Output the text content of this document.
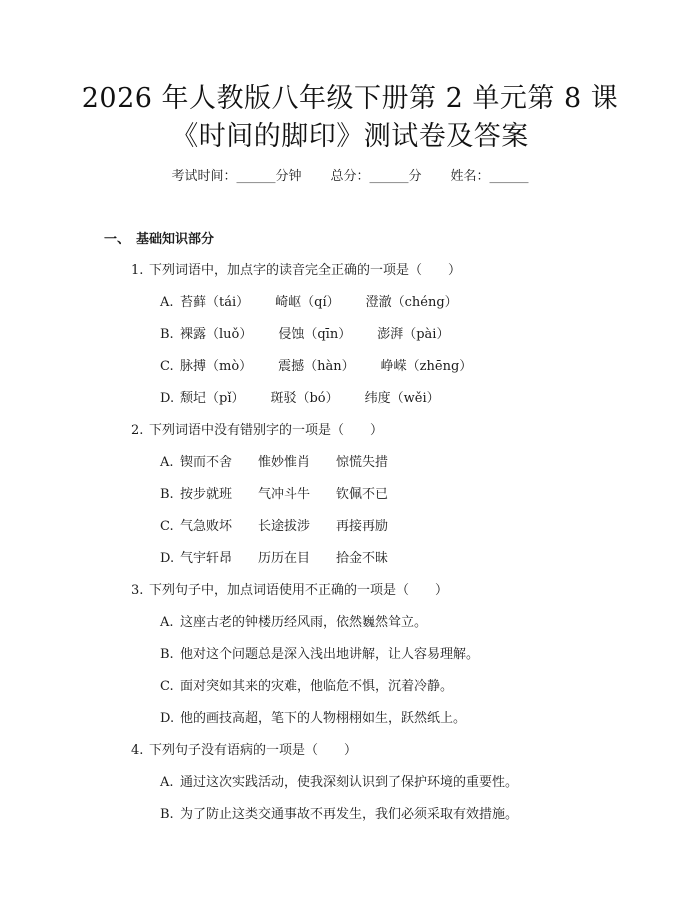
2026 年人教版八年级下册第 2 单元第 8 课
《时间的脚印》测试卷及答案
考试时间：______分钟 总分：______分 姓名：______
一、 基础知识部分
1. 下列词语中，加点字的读音完全正确的一项是（　　）
A. 苔藓（tái） 崎岖（qí） 澄澈（chéng）
B. 裸露（luǒ） 侵蚀（qīn） 澎湃（pài）
C. 脉搏（mò） 震撼（hàn） 峥嵘（zhēng）
D. 颓圮（pǐ） 斑驳（bó） 纬度（wěi）
2. 下列词语中没有错别字的一项是（　　）
A. 锲而不舍 惟妙惟肖 惊慌失措
B. 按步就班 气冲斗牛 钦佩不已
C. 气急败坏 长途拔涉 再接再励
D. 气宇轩昂 历历在目 拾金不昧
3. 下列句子中，加点词语使用不正确的一项是（　　）
A. 这座古老的钟楼历经风雨，依然巍然耸立。
B. 他对这个问题总是深入浅出地讲解，让人容易理解。
C. 面对突如其来的灾难，他临危不惧，沉着冷静。
D. 他的画技高超，笔下的人物栩栩如生，跃然纸上。
4. 下列句子没有语病的一项是（　　）
A. 通过这次实践活动，使我深刻认识到了保护环境的重要性。
B. 为了防止这类交通事故不再发生，我们必须采取有效措施。
